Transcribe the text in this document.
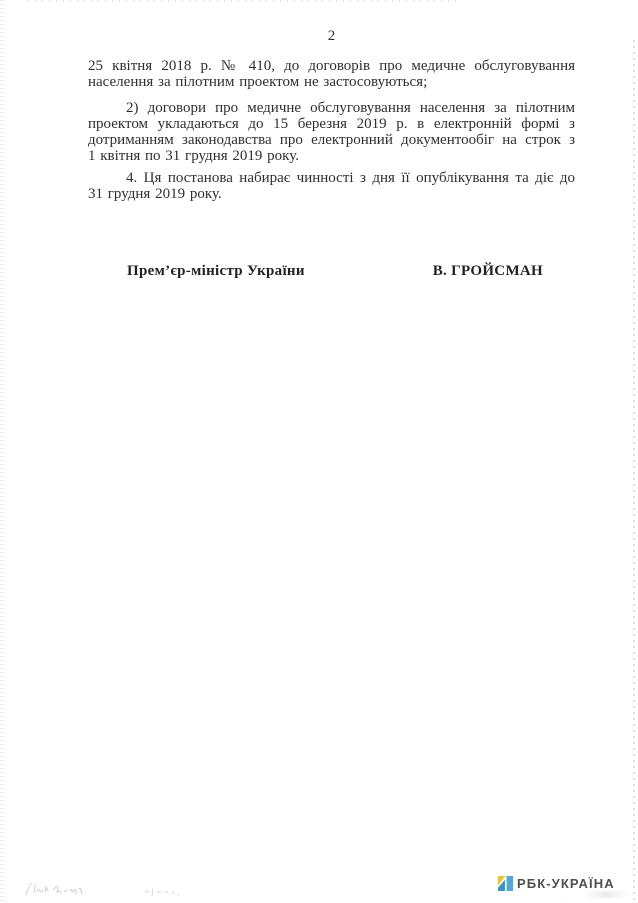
2
25 квітня 2018 р. № 410, до договорів про медичне обслуговування
населення за пілотним проектом не застосовуються;
2) договори про медичне обслуговування населення за пілотним
проектом укладаються до 15 березня 2019 р. в електронній формі з
дотриманням законодавства про електронний документообіг на строк з
1 квітня по 31 грудня 2019 року.
4. Ця постанова набирає чинності з дня її опублікування та діє до
31 грудня 2019 року.
Прем’єр-міністр України	В. ГРОЙСМАН
РБК-УКРАЇНА
